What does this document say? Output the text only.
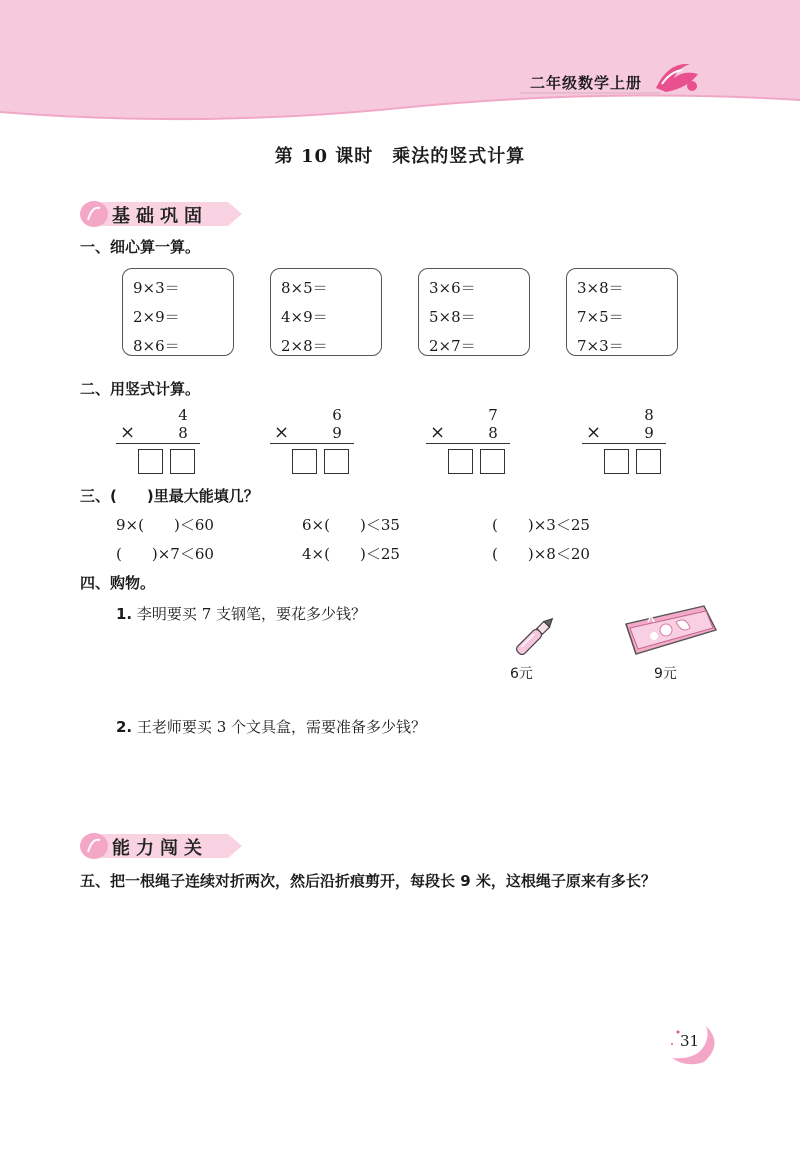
二年级数学上册
第 10 课时　乘法的竖式计算
基础巩固
一、细心算一算。
9×3＝
2×9＝
8×6＝
8×5＝
4×9＝
2×8＝
3×6＝
5×8＝
2×7＝
3×8＝
7×5＝
7×3＝
二、用竖式计算。
4
×	8
6
×	9
7
×	8
8
×	9
三、(　　)里最大能填几？
9×(　　)＜60	6×(　　)＜35	(　　)×3＜25
(　　)×7＜60	4×(　　)＜25	(　　)×8＜20
四、购物。
1. 李明要买 7 支钢笔，要花多少钱？
6元	9元
2. 王老师要买 3 个文具盒，需要准备多少钱？
能力闯关
五、把一根绳子连续对折两次，然后沿折痕剪开，每段长 9 米，这根绳子原来有多长？
31
